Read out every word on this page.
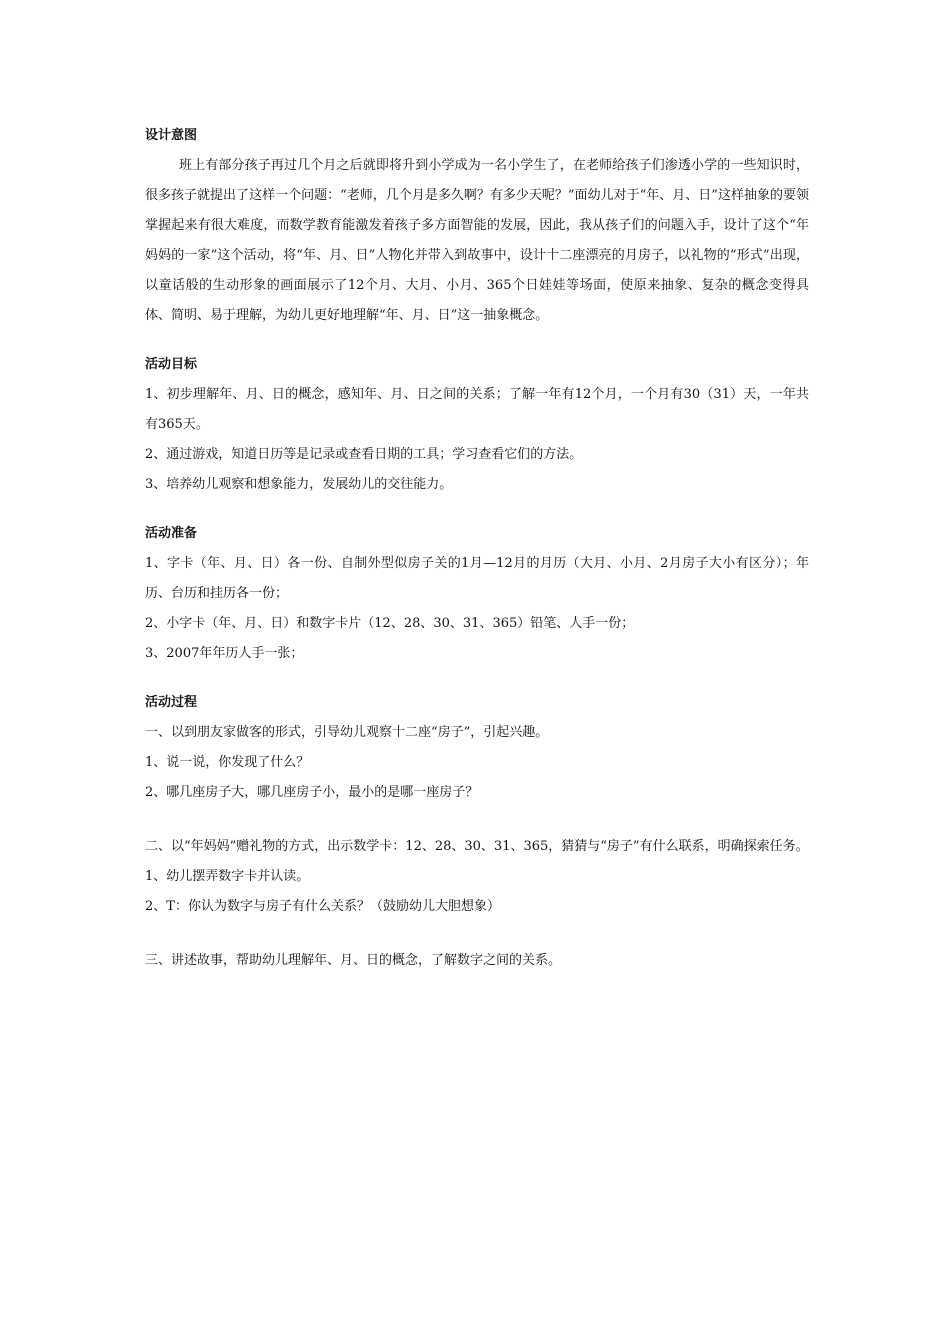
设计意图

班上有部分孩子再过几个月之后就即将升到小学成为一名小学生了，在老师给孩子们渗透小学的一些知识时，很多孩子就提出了这样一个问题：“老师，几个月是多久啊？有多少天呢？”面幼儿对于“年、月、日”这样抽象的要领掌握起来有很大难度，而数学教育能激发着孩子多方面智能的发展，因此，我从孩子们的问题入手，设计了这个“年妈妈的一家”这个活动，将“年、月、日”人物化并带入到故事中，设计十二座漂亮的月房子，以礼物的“形式”出现，以童话般的生动形象的画面展示了12个月、大月、小月、365个日娃娃等场面，使原来抽象、复杂的概念变得具体、简明、易于理解，为幼儿更好地理解“年、月、日”这一抽象概念。

活动目标

1、初步理解年、月、日的概念，感知年、月、日之间的关系；了解一年有12个月，一个月有30（31）天，一年共有365天。

2、通过游戏，知道日历等是记录或查看日期的工具；学习查看它们的方法。

3、培养幼儿观察和想象能力，发展幼儿的交往能力。

活动准备

1、字卡（年、月、日）各一份、自制外型似房子关的1月—12月的月历（大月、小月、2月房子大小有区分）；年历、台历和挂历各一份；

2、小字卡（年、月、日）和数字卡片（12、28、30、31、365）铅笔、人手一份；

3、2007年年历人手一张；

活动过程

一、以到朋友家做客的形式，引导幼儿观察十二座“房子”，引起兴趣。

1、说一说，你发现了什么？

2、哪几座房子大，哪几座房子小，最小的是哪一座房子？

二、以“年妈妈”赠礼物的方式，出示数学卡：12、28、30、31、365，猜猜与“房子”有什么联系，明确探索任务。

1、幼儿摆弄数字卡并认读。

2、T：你认为数字与房子有什么关系？（鼓励幼儿大胆想象）

三、讲述故事，帮助幼儿理解年、月、日的概念，了解数字之间的关系。
